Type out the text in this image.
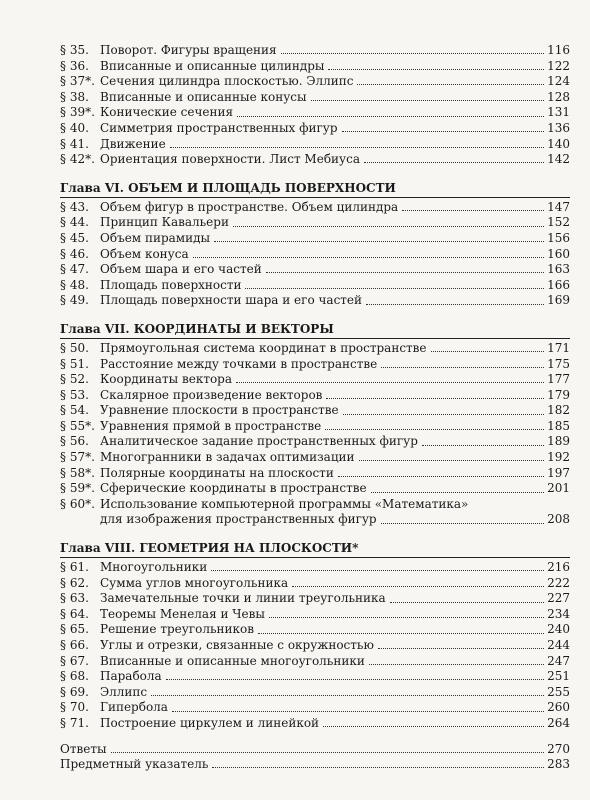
§ 35. Поворот. Фигуры вращения	116
§ 36. Вписанные и описанные цилиндры	122
§ 37*. Сечения цилиндра плоскостью. Эллипс	124
§ 38. Вписанные и описанные конусы	128
§ 39*. Конические сечения	131
§ 40. Симметрия пространственных фигур	136
§ 41. Движение	140
§ 42*. Ориентация поверхности. Лист Мебиуса	142
Глава VI. ОБЪЕМ И ПЛОЩАДЬ ПОВЕРХНОСТИ
§ 43. Объем фигур в пространстве. Объем цилиндра	147
§ 44. Принцип Кавальери	152
§ 45. Объем пирамиды	156
§ 46. Объем конуса	160
§ 47. Объем шара и его частей	163
§ 48. Площадь поверхности	166
§ 49. Площадь поверхности шара и его частей	169
Глава VII. КООРДИНАТЫ И ВЕКТОРЫ
§ 50. Прямоугольная система координат в пространстве	171
§ 51. Расстояние между точками в пространстве	175
§ 52. Координаты вектора	177
§ 53. Скалярное произведение векторов	179
§ 54. Уравнение плоскости в пространстве	182
§ 55*. Уравнения прямой в пространстве	185
§ 56. Аналитическое задание пространственных фигур	189
§ 57*. Многогранники в задачах оптимизации	192
§ 58*. Полярные координаты на плоскости	197
§ 59*. Сферические координаты в пространстве	201
§ 60*. Использование компьютерной программы «Математика»
для изображения пространственных фигур	208
Глава VIII. ГЕОМЕТРИЯ НА ПЛОСКОСТИ*
§ 61. Многоугольники	216
§ 62. Сумма углов многоугольника	222
§ 63. Замечательные точки и линии треугольника	227
§ 64. Теоремы Менелая и Чевы	234
§ 65. Решение треугольников	240
§ 66. Углы и отрезки, связанные с окружностью	244
§ 67. Вписанные и описанные многоугольники	247
§ 68. Парабола	251
§ 69. Эллипс	255
§ 70. Гипербола	260
§ 71. Построение циркулем и линейкой	264
Ответы	270
Предметный указатель	283
